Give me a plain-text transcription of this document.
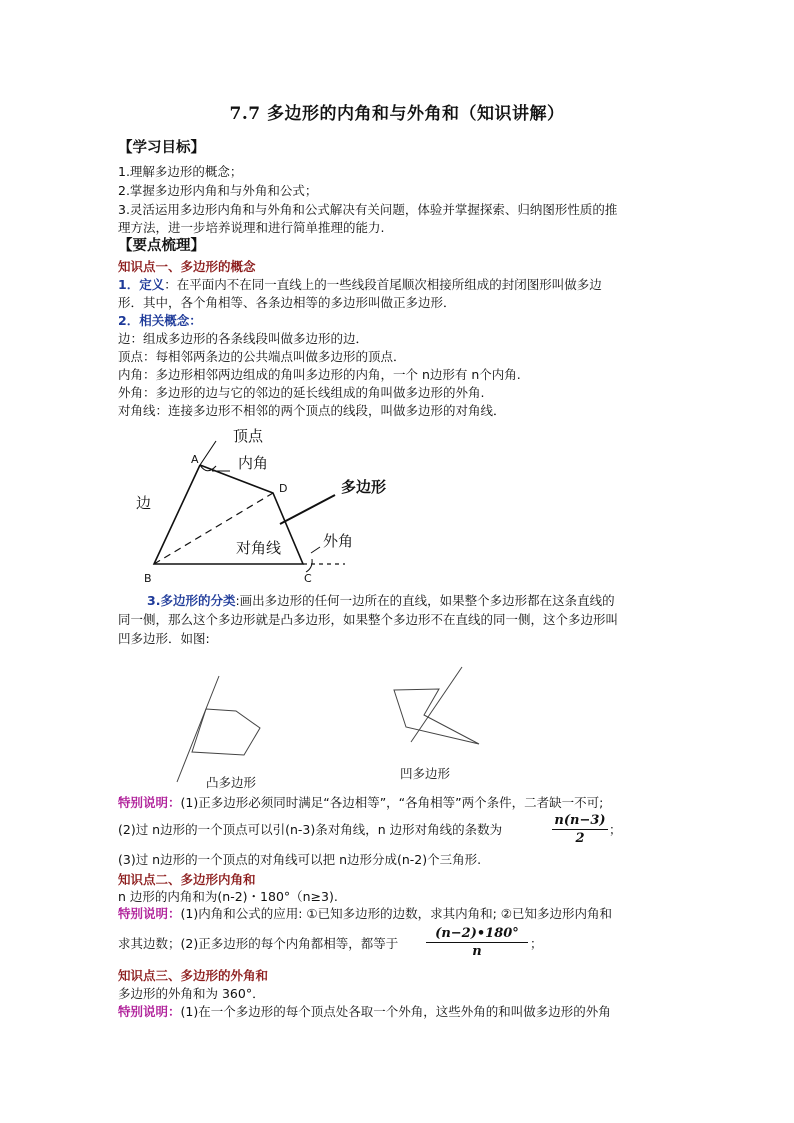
7.7 多边形的内角和与外角和（知识讲解）
【学习目标】
1.理解多边形的概念；
2.掌握多边形内角和与外角和公式；
3.灵活运用多边形内角和与外角和公式解决有关问题，体验并掌握探索、归纳图形性质的推
理方法，进一步培养说理和进行简单推理的能力.
【要点梳理】
知识点一、多边形的概念
1．定义：在平面内不在同一直线上的一些线段首尾顺次相接所组成的封闭图形叫做多边
形．其中，各个角相等、各条边相等的多边形叫做正多边形．
2．相关概念：
边：组成多边形的各条线段叫做多边形的边．
顶点：每相邻两条边的公共端点叫做多边形的顶点．
内角：多边形相邻两边组成的角叫多边形的内角，一个 n边形有 n个内角.
外角：多边形的边与它的邻边的延长线组成的角叫做多边形的外角.
对角线：连接多边形不相邻的两个顶点的线段，叫做多边形的对角线．
顶点
内角
多边形
边
对角线	外角
A
D
B	C
3.多边形的分类:画出多边形的任何一边所在的直线，如果整个多边形都在这条直线的
同一侧，那么这个多边形就是凸多边形，如果整个多边形不在直线的同一侧，这个多边形叫
凹多边形．如图:
凸多边形
凹多边形
特别说明：(1)正多边形必须同时满足“各边相等”，“各角相等”两个条件，二者缺一不可;
(2)过 n边形的一个顶点可以引(n-3)条对角线，n 边形对角线的条数为	$\frac{n(n-3)}{2}$ ；
(3)过 n边形的一个顶点的对角线可以把 n边形分成(n-2)个三角形.
知识点二、多边形内角和
n 边形的内角和为(n-2)・180°（n≥3).
特别说明：(1)内角和公式的应用: ①已知多边形的边数，求其内角和; ②已知多边形内角和
求其边数；(2)正多边形的每个内角都相等，都等于	$\frac{(n-2)•180^\circ}{n}$ ；
知识点三、多边形的外角和
多边形的外角和为 360°．
特别说明：(1)在一个多边形的每个顶点处各取一个外角，这些外角的和叫做多边形的外角
